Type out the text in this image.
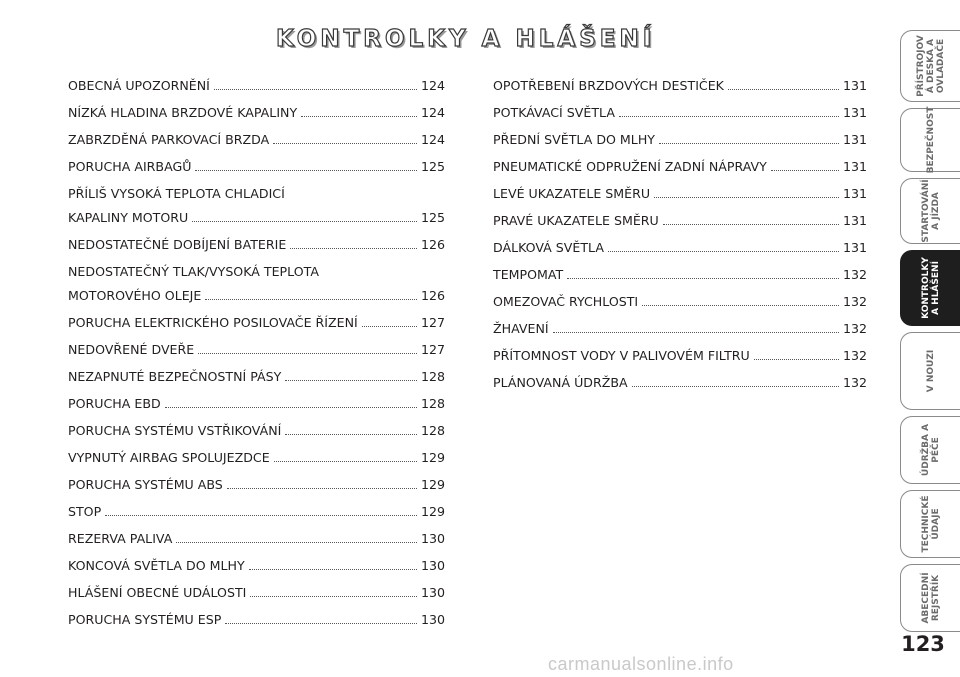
KONTROLKY A HLÁŠENÍ
OBECNÁ UPOZORNĚNÍ	124
NÍZKÁ HLADINA BRZDOVÉ KAPALINY	124
ZABRZDĚNÁ PARKOVACÍ BRZDA	124
PORUCHA AIRBAGŮ	125
PŘÍLIŠ VYSOKÁ TEPLOTA CHLADICÍ
KAPALINY MOTORU	125
NEDOSTATEČNÉ DOBÍJENÍ BATERIE	126
NEDOSTATEČNÝ TLAK/VYSOKÁ TEPLOTA
MOTOROVÉHO OLEJE	126
PORUCHA ELEKTRICKÉHO POSILOVAČE ŘÍZENÍ	127
NEDOVŘENÉ DVEŘE	127
NEZAPNUTÉ BEZPEČNOSTNÍ PÁSY	128
PORUCHA EBD	128
PORUCHA SYSTÉMU VSTŘIKOVÁNÍ	128
VYPNUTÝ AIRBAG SPOLUJEZDCE	129
PORUCHA SYSTÉMU ABS	129
STOP	129
REZERVA PALIVA	130
KONCOVÁ SVĚTLA DO MLHY	130
HLÁŠENÍ OBECNÉ UDÁLOSTI	130
PORUCHA SYSTÉMU ESP	130
OPOTŘEBENÍ BRZDOVÝCH DESTIČEK	131
POTKÁVACÍ SVĚTLA	131
PŘEDNÍ SVĚTLA DO MLHY	131
PNEUMATICKÉ ODPRUŽENÍ ZADNÍ NÁPRAVY	131
LEVÉ UKAZATELE SMĚRU	131
PRAVÉ UKAZATELE SMĚRU	131
DÁLKOVÁ SVĚTLA	131
TEMPOMAT	132
OMEZOVAČ RYCHLOSTI	132
ŽHAVENÍ	132
PŘÍTOMNOST VODY V PALIVOVÉM FILTRU	132
PLÁNOVANÁ ÚDRŽBA	132
PŘÍSTROJOV
Á DESKA A
OVLADAČE
BEZPEČNOST
STARTOVÁNÍ
A JÍZDA
KONTROLKY
A HLÁŠENÍ
V NOUZI
ÚDRŽBA A
PÉČE
TECHNICKÉ
ÚDAJE
ABECEDNÍ
REJSTŘÍK
123
carmanualsonline.info
